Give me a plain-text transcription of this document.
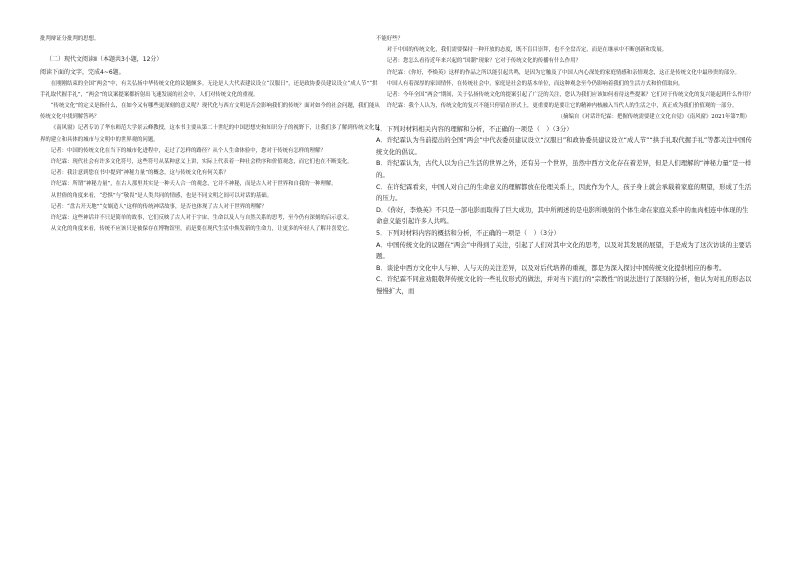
批判辩证分批判的思想。

（二）现代文阅读Ⅱ（本题共3小题，12分）

阅读下面的文字，完成4~6题。

在刚刚结束的全国“两会”中，有关弘扬中华传统文化的议题颇多。无论是人大代表建议设立“汉服日”，还是政协委员建议设立“成人节”“拱手礼取代握手礼”，“两会”的议案提案都折射出飞速发展的社会中，人们对传统文化的重视。

“传统文化”的定义是指什么，在如今又有哪些更深刻的意义呢？现代化与西方文明是否会影响我们的传统？面对如今的社会问题，我们能从传统文化中找到解答吗？

《南风窗》记者专访了华东师范大学景云峰教授，这本书主要从第二十世纪的中国思想史和知识分子的视野下，让我们多了解到传统文化世界的建立和具体的城市与文明中的世界观的问题。

记者：中国的传统文化在当下的城市化进程中，走过了怎样的路径？从个人生命体验中，您对于传统有怎样的理解？

许纪霖：现代社会有许多文化符号，这些符号从某种意义上讲，实际上代表着一种社会秩序和价值观念，而它们也在不断变化。

记者：我注意到您在书中提到“神秘力量”的概念，这与传统文化有何关系？

许纪霖：所谓“神秘力量”，在古人那里其实是一种天人合一的观念，它并不神秘，而是古人对于世界和自我的一种理解。

从世俗的角度来看，“恐惧”与“敬畏”是人类共同的情感，也是不同文明之间可以对话的基础。

记者：“盘古开天地”“女娲造人”这样的传统神话故事，是否也体现了古人对于世界的理解？

许纪霖：这些神话并不只是简单的故事，它们反映了古人对于宇宙、生命以及人与自然关系的思考，至今仍有深刻的启示意义。

从文化的角度来看，传统不应该只是被保存在博物馆里，而是要在现代生活中焕发新的生命力，让更多的年轻人了解并喜爱它。

不能好些？

对于中国的传统文化，我们需要保持一种开放的态度，既不盲目崇拜，也不全盘否定，而是在继承中不断创新和发展。

记者：您怎么看待近年来兴起的“国潮”现象？它对于传统文化的传播有什么作用？

许纪霖：《你好，李焕英》这样的作品之所以能引起共鸣，是因为它触及了中国人内心深处的家庭情感和亲情观念，这正是传统文化中最珍贵的部分。

中国人有着深厚的家国情怀，在传统社会中，家庭是社会的基本单位，而这种观念至今仍影响着我们的生活方式和价值取向。

记者：今年全国“两会”期间，关于弘扬传统文化的提案引起了广泛的关注，您认为我们应该如何看待这些提案？它们对于传统文化的复兴能起到什么作用？

许纪霖：我个人认为，传统文化的复兴不能只停留在形式上，更重要的是要让它的精神内核融入当代人的生活之中，真正成为我们价值观的一部分。

（摘编自《对话许纪霖：把握传统需要建立文化自觉》《南风窗》2021年第7期）

4．下列对材料相关内容的理解和分析，不正确的一项是（　）（3分）

A．许纪霖认为当前提出的全国“两会”中代表委员建议设立“汉服日”和政协委员建议设立“成人节”“拱手礼取代握手礼”等都关注中国传统文化的倡议。

B．许纪霖认为，古代人以为自己生活的世界之外，还有另一个世界，虽然中西方文化存在着差异，但是人们理解的“神秘力量”是一样的。

C．在许纪霖看来，中国人对自己的生命意义的理解都放在伦理关系上，因此作为个人，孩子身上就会承载着家庭的期望，形成了生活的压力。

D．《你好，李焕英》不只是一部电影而取得了巨大成功，其中所阐述的是电影所映射的个体生命在家庭关系中的血肉相连中体现的生命意义能引起许多人共鸣。

5．下列对材料内容的概括和分析，不正确的一项是（　）（3分）

A．中国传统文化的议题在“两会”中得到了关注，引起了人们对其中文化的思考，以及对其发展的展望，于是成为了这次访谈的主要话题。

B．谈论中西方文化中人与神、人与天的关注差异，以及对后代培养的重视，都是为深入探讨中国传统文化提供相应的参考。

C．许纪霖不同意劝阻敬拜传统文化的一些礼仪形式的做法，并对当下流行的“宗教性”的说法进行了深刻的分析，他认为对礼的形态以慢慢扩大，而
